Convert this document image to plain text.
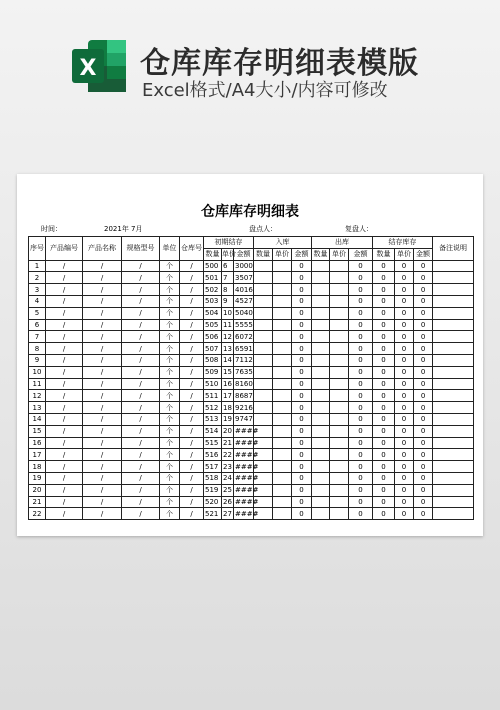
X 仓库库存明细表模版
Excel格式/A4大小/内容可修改
仓库库存明细表
时间：	2021年 7月	盘点人：	复盘人：
序号	产品编号	产品名称	规格型号	单位	仓库号	初期结存			入库			出库			结存库存			备注说明
						数量	单价	金额	数量	单价	金额	数量	单价	金额	数量	单价	金额	
1	/	/	/	个	/	500	6	3000			0			0	0	0	0	
2	/	/	/	个	/	501	7	3507			0			0	0	0	0	
3	/	/	/	个	/	502	8	4016			0			0	0	0	0	
4	/	/	/	个	/	503	9	4527			0			0	0	0	0	
5	/	/	/	个	/	504	10	5040			0			0	0	0	0	
6	/	/	/	个	/	505	11	5555			0			0	0	0	0	
7	/	/	/	个	/	506	12	6072			0			0	0	0	0	
8	/	/	/	个	/	507	13	6591			0			0	0	0	0	
9	/	/	/	个	/	508	14	7112			0			0	0	0	0	
10	/	/	/	个	/	509	15	7635			0			0	0	0	0	
11	/	/	/	个	/	510	16	8160			0			0	0	0	0	
12	/	/	/	个	/	511	17	8687			0			0	0	0	0	
13	/	/	/	个	/	512	18	9216			0			0	0	0	0	
14	/	/	/	个	/	513	19	9747			0			0	0	0	0	
15	/	/	/	个	/	514	20	####			0			0	0	0	0	
16	/	/	/	个	/	515	21	####			0			0	0	0	0	
17	/	/	/	个	/	516	22	####			0			0	0	0	0	
18	/	/	/	个	/	517	23	####			0			0	0	0	0	
19	/	/	/	个	/	518	24	####			0			0	0	0	0	
20	/	/	/	个	/	519	25	####			0			0	0	0	0	
21	/	/	/	个	/	520	26	####			0			0	0	0	0	
22	/	/	/	个	/	521	27	####			0			0	0	0	0	
